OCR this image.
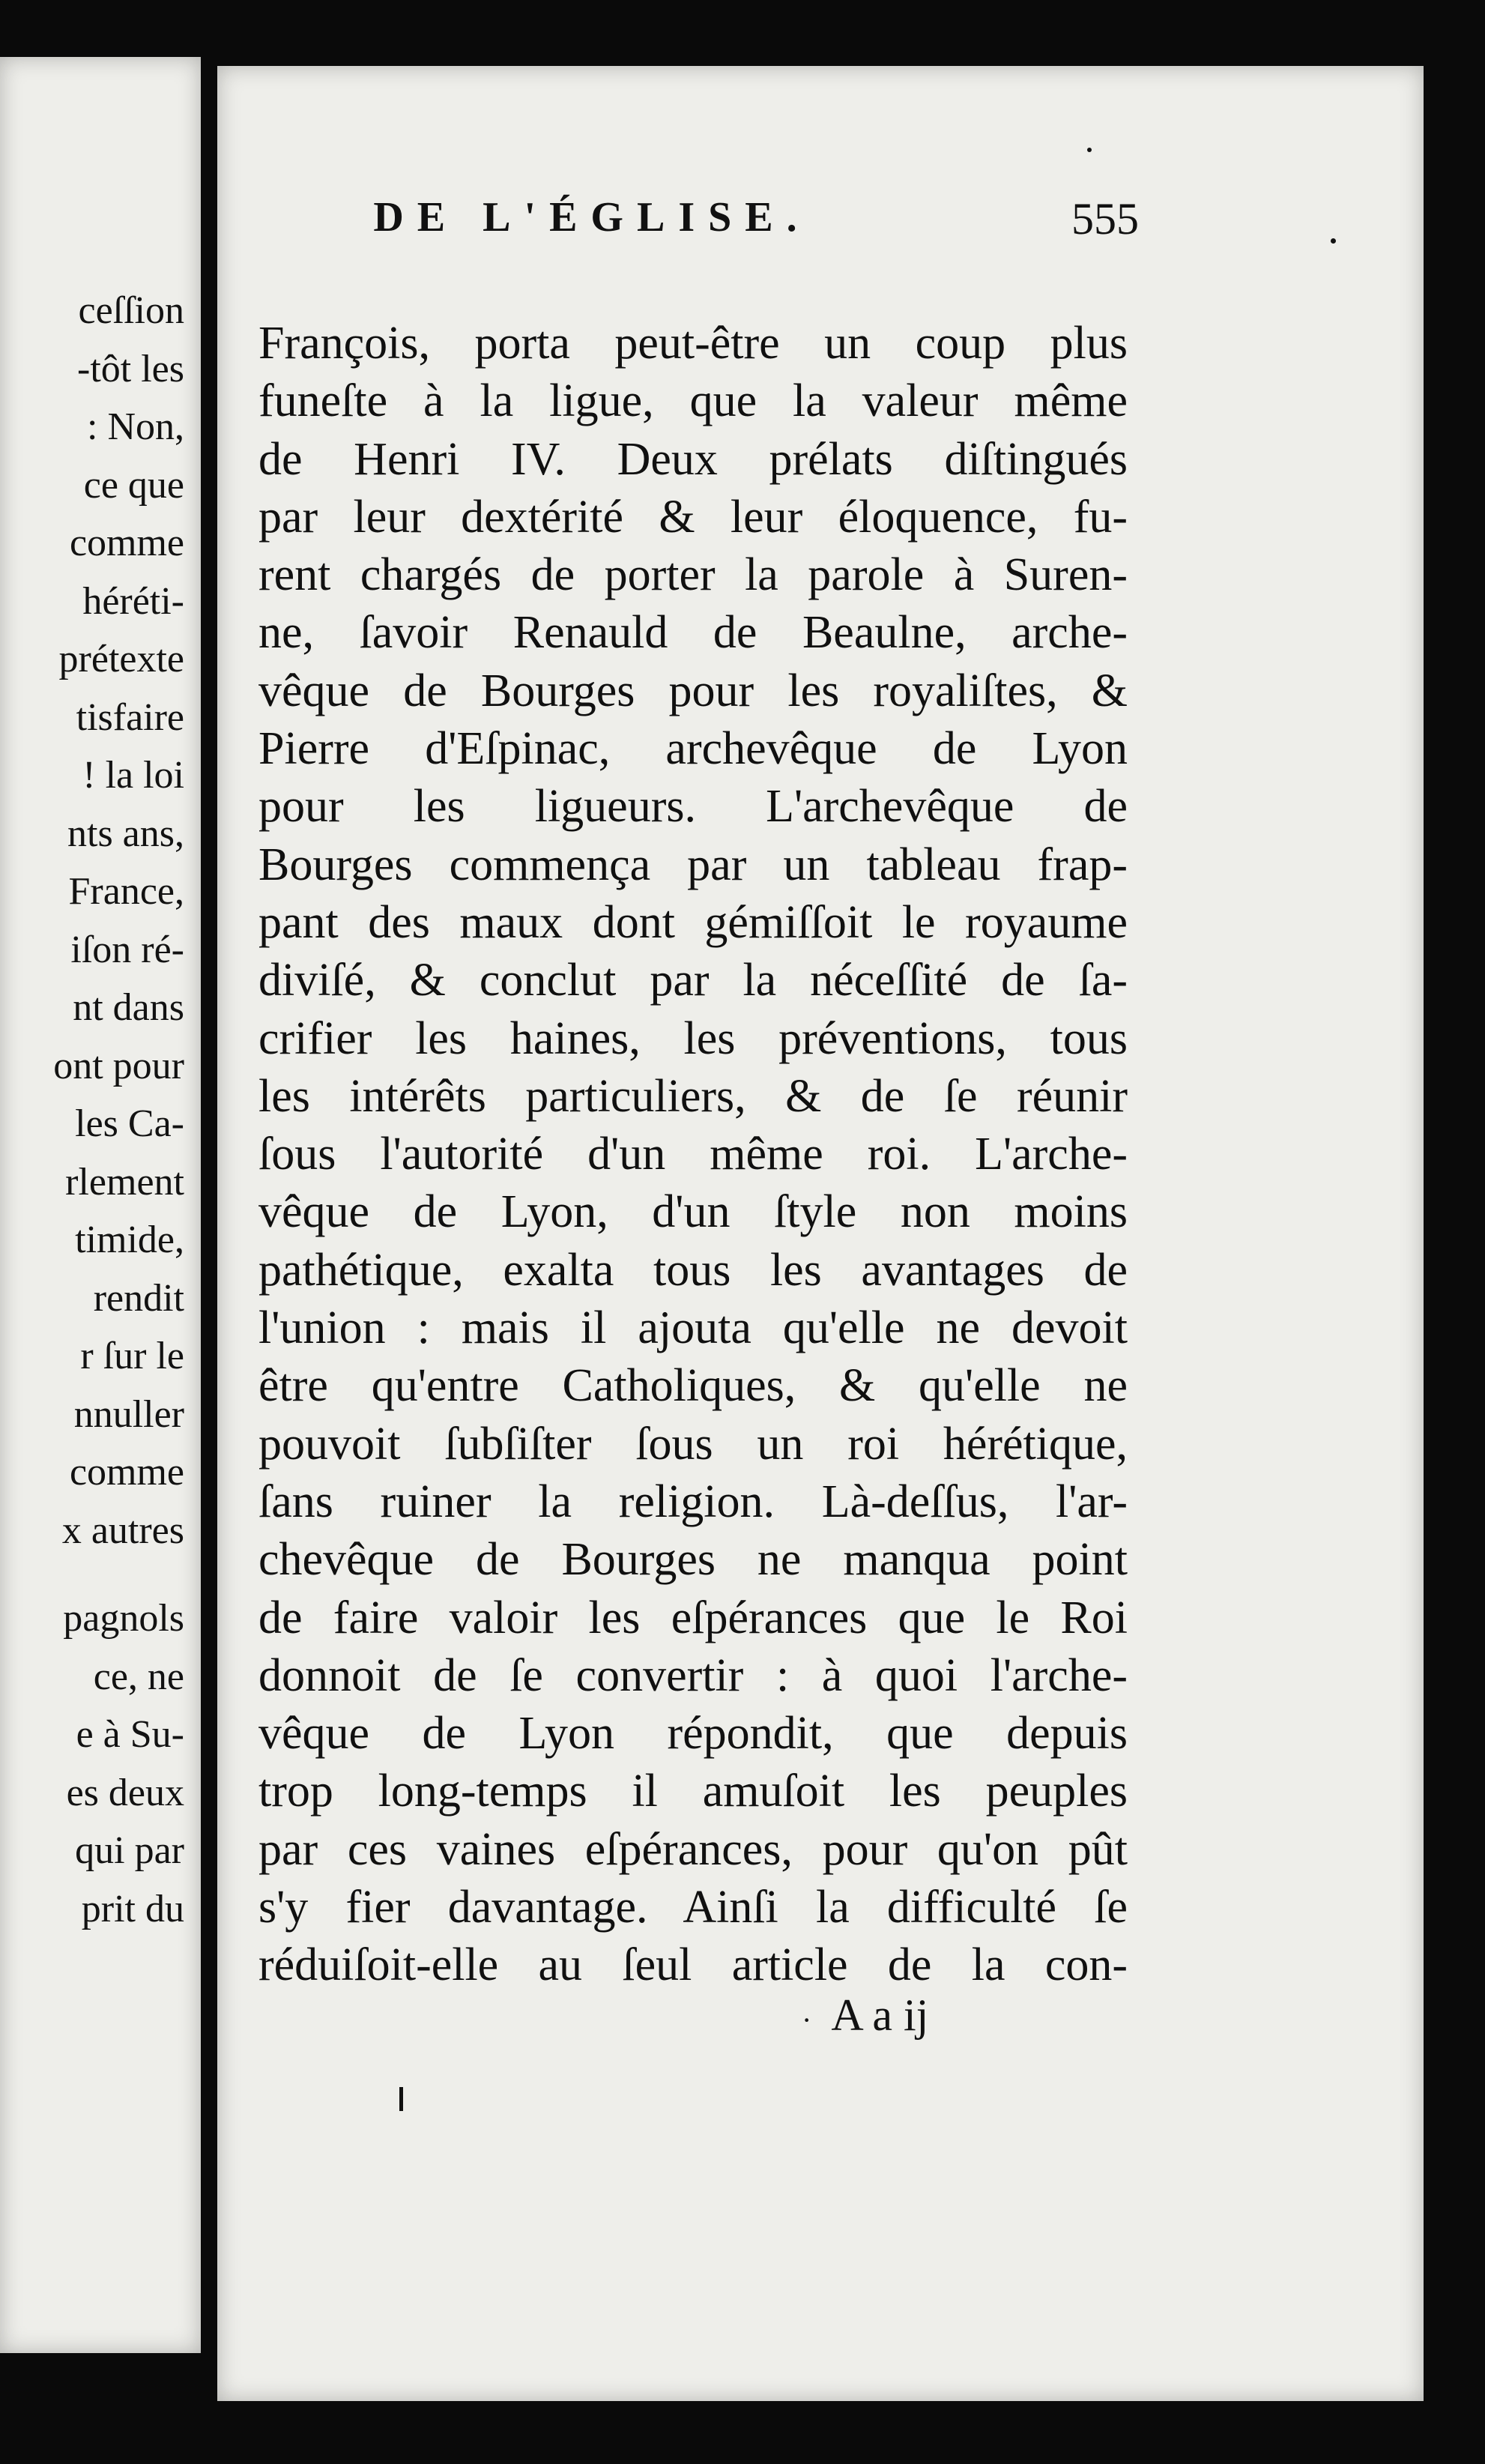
ceſſion
-tôt les
: Non,
ce que
comme
héréti-
prétexte
tisfaire
! la loi
nts ans,
France,
iſon ré-
nt dans
ont pour
les Ca-
rlement
timide,
rendit
r ſur le
nnuller
comme
x autres
pagnols
ce, ne
e à Su-
es deux
qui par
prit du
DE L'ÉGLISE.	555
François, porta peut-être un coup plus
funeſte à la ligue, que la valeur même
de Henri IV. Deux prélats diſtingués
par leur dextérité & leur éloquence, fu-
rent chargés de porter la parole à Suren-
ne, ſavoir Renauld de Beaulne, arche-
vêque de Bourges pour les royaliſtes, &
Pierre d'Eſpinac, archevêque de Lyon
pour les ligueurs. L'archevêque de
Bourges commença par un tableau frap-
pant des maux dont gémiſſoit le royaume
diviſé, & conclut par la néceſſité de ſa-
crifier les haines, les préventions, tous
les intérêts particuliers, & de ſe réunir
ſous l'autorité d'un même roi. L'arche-
vêque de Lyon, d'un ſtyle non moins
pathétique, exalta tous les avantages de
l'union : mais il ajouta qu'elle ne devoit
être qu'entre Catholiques, & qu'elle ne
pouvoit ſubſiſter ſous un roi hérétique,
ſans ruiner la religion. Là-deſſus, l'ar-
chevêque de Bourges ne manqua point
de faire valoir les eſpérances que le Roi
donnoit de ſe convertir : à quoi l'arche-
vêque de Lyon répondit, que depuis
trop long-temps il amuſoit les peuples
par ces vaines eſpérances, pour qu'on pût
s'y fier davantage. Ainſi la difficulté ſe
réduiſoit-elle au ſeul article de la con-
· A a ij
